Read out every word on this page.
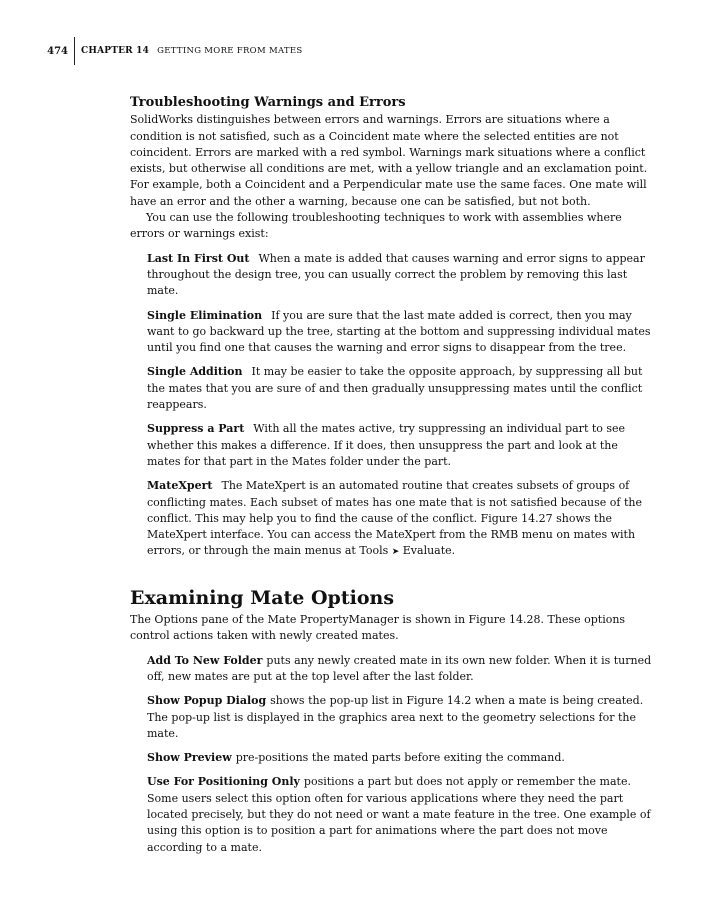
474	CHAPTER 14 GETTING MORE FROM MATES
Troubleshooting Warnings and Errors

SolidWorks distinguishes between errors and warnings. Errors are situations where a condition is not satisfied, such as a Coincident mate where the selected entities are not coincident. Errors are marked with a red symbol. Warnings mark situations where a conflict exists, but otherwise all conditions are met, with a yellow triangle and an exclamation point. For example, both a Coincident and a Perpendicular mate use the same faces. One mate will have an error and the other a warning, because one can be satisfied, but not both.

You can use the following troubleshooting techniques to work with assemblies where errors or warnings exist:

Last In First Out When a mate is added that causes warning and error signs to appear throughout the design tree, you can usually correct the problem by removing this last mate.
Single Elimination If you are sure that the last mate added is correct, then you may want to go backward up the tree, starting at the bottom and suppressing individual mates until you find one that causes the warning and error signs to disappear from the tree.
Single Addition It may be easier to take the opposite approach, by suppressing all but the mates that you are sure of and then gradually unsuppressing mates until the conflict reappears.
Suppress a Part With all the mates active, try suppressing an individual part to see whether this makes a difference. If it does, then unsuppress the part and look at the mates for that part in the Mates folder under the part.
MateXpert The MateXpert is an automated routine that creates subsets of groups of conflicting mates. Each subset of mates has one mate that is not satisfied because of the conflict. This may help you to find the cause of the conflict. Figure 14.27 shows the MateXpert interface. You can access the MateXpert from the RMB menu on mates with errors, or through the main menus at Tools ➤ Evaluate.
Examining Mate Options

The Options pane of the Mate PropertyManager is shown in Figure 14.28. These options control actions taken with newly created mates.

Add To New Folder puts any newly created mate in its own new folder. When it is turned off, new mates are put at the top level after the last folder.
Show Popup Dialog shows the pop-up list in Figure 14.2 when a mate is being created. The pop-up list is displayed in the graphics area next to the geometry selections for the mate.
Show Preview pre-positions the mated parts before exiting the command.
Use For Positioning Only positions a part but does not apply or remember the mate. Some users select this option often for various applications where they need the part located precisely, but they do not need or want a mate feature in the tree. One example of using this option is to position a part for animations where the part does not move according to a mate.
